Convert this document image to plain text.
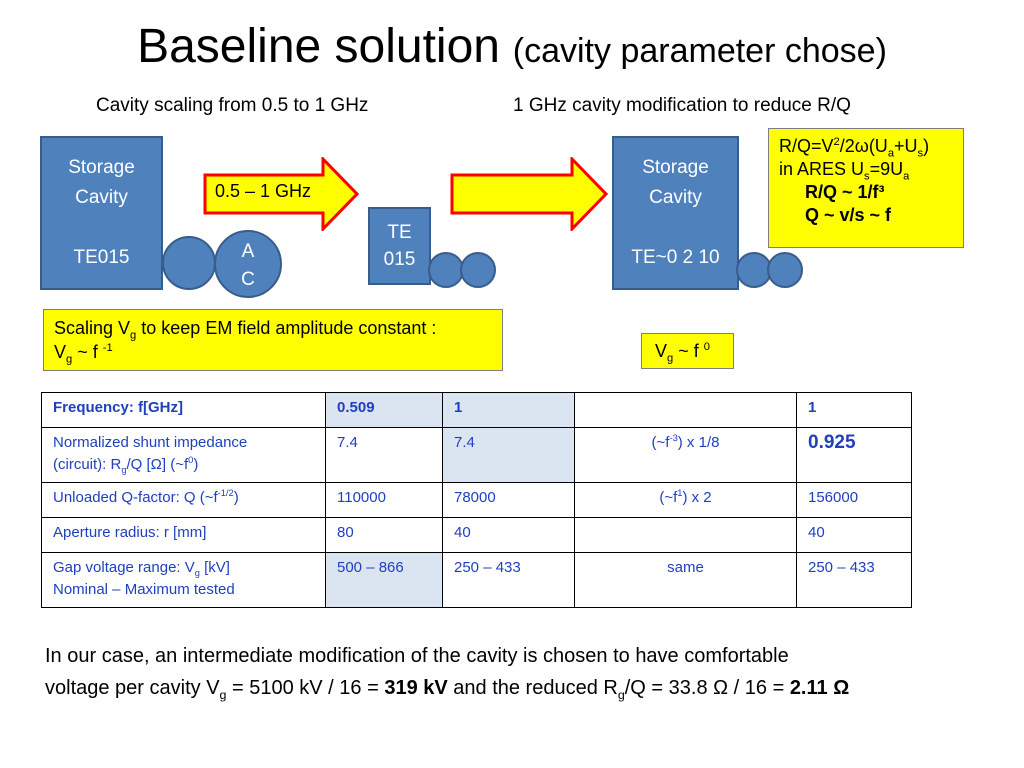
Baseline solution (cavity parameter chose)
Cavity scaling from 0.5 to 1 GHz	1 GHz cavity modification to reduce R/Q
Storage
Cavity
TE015	A
C
0.5 – 1 GHz
TE
015
Storage
Cavity
TE~0 2 10
$R/Q=V^2/2\omega(U_a+U_s)$
in ARES $U_s=9U_a$
R/Q ~ 1/f³
Q ~ v/s ~ f
Scaling $V_g$ to keep EM field amplitude constant :
$V_g$ ~ f $^{-1}$	$V_g$ ~ f $^0$
Frequency: f[GHz]	0.509	1		1

Normalized shunt impedance
(circuit): $R_g/Q$ [Ω] $(\sim f^0)$	7.4	7.4	$(\sim f^{-3})$ x 1/8	0.925
Unloaded Q-factor: Q $(\sim f^{-1/2})$	110000	78000	$(\sim f^1)$ x 2	156000
Aperture radius: r [mm]	80	40		40

Gap voltage range: $V_g$ [kV]
Nominal – Maximum tested	500 – 866	250 – 433	same	250 – 433
In our case, an intermediate modification of the cavity is chosen to have comfortable
voltage per cavity $V_g = 5100$ kV / 16 = 319 kV and the reduced $R_g/Q = 33.8$ Ω / 16 = 2.11 Ω
